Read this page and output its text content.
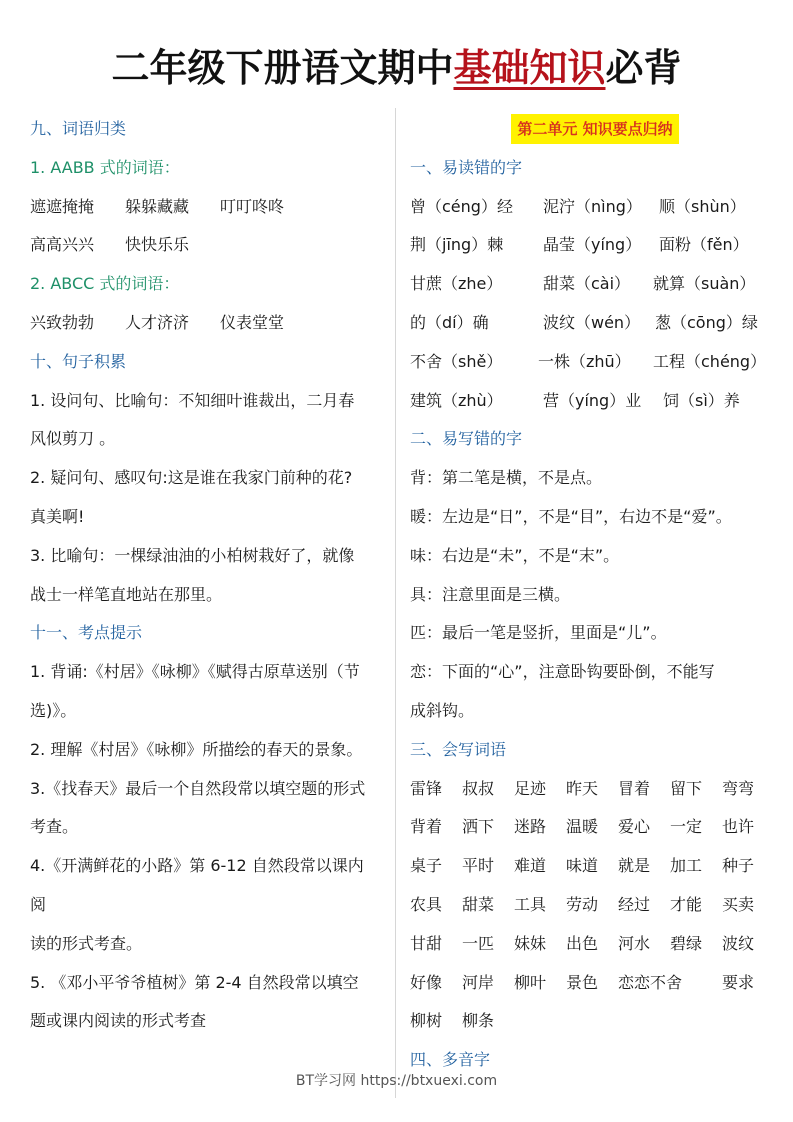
二年级下册语文期中基础知识必背
九、词语归类
1. AABB 式的词语：
遮遮掩掩 躲躲藏藏 叮叮咚咚
高高兴兴 快快乐乐
2. ABCC 式的词语：
兴致勃勃 人才济济 仪表堂堂
十、句子积累
1. 设问句、比喻句：不知细叶谁裁出，二月春
风似剪刀 。
2. 疑问句、感叹句:这是谁在我家门前种的花?
真美啊!
3. 比喻句：一棵绿油油的小柏树栽好了，就像
战士一样笔直地站在那里。
十一、考点提示
1. 背诵:《村居》《咏柳》《赋得古原草送别（节
选)》。
2. 理解《村居》《咏柳》所描绘的春天的景象。
3.《找春天》最后一个自然段常以填空题的形式
考查。
4.《开满鲜花的小路》第 6-12 自然段常以课内
阅
读的形式考查。
5. 《邓小平爷爷植树》第 2-4 自然段常以填空
题或课内阅读的形式考查
第二单元 知识要点归纳
一、易读错的字
曾（céng）经 泥泞（nìng） 顺（shùn）
荆（jīng）棘 晶莹（yíng） 面粉（fěn）
甘蔗（zhe）	甜菜（cài） 就算（suàn）
的（dí）确	波纹（wén） 葱（cōng）绿
不舍（shě） 一株（zhū） 工程（chéng）
建筑（zhù）	营（yíng）业 饲（sì）养
二、易写错的字
背：第二笔是横，不是点。
暖：左边是“日”，不是“目”，右边不是“爱”。
味：右边是“未”，不是“末”。
具：注意里面是三横。
匹：最后一笔是竖折，里面是“儿”。
恋：下面的“心”，注意卧钩要卧倒，不能写
成斜钩。
三、会写词语
雷锋 叔叔 足迹 昨天 冒着 留下 弯弯
背着 洒下 迷路 温暖 爱心 一定 也许
桌子 平时 难道 味道 就是 加工 种子
农具 甜菜 工具 劳动 经过 才能 买卖
甘甜 一匹 妹妹 出色 河水 碧绿 波纹
好像 河岸 柳叶 景色 恋恋不舍 要求
柳树 柳条
四、多音字
BT学习网 https://btxuexi.com
